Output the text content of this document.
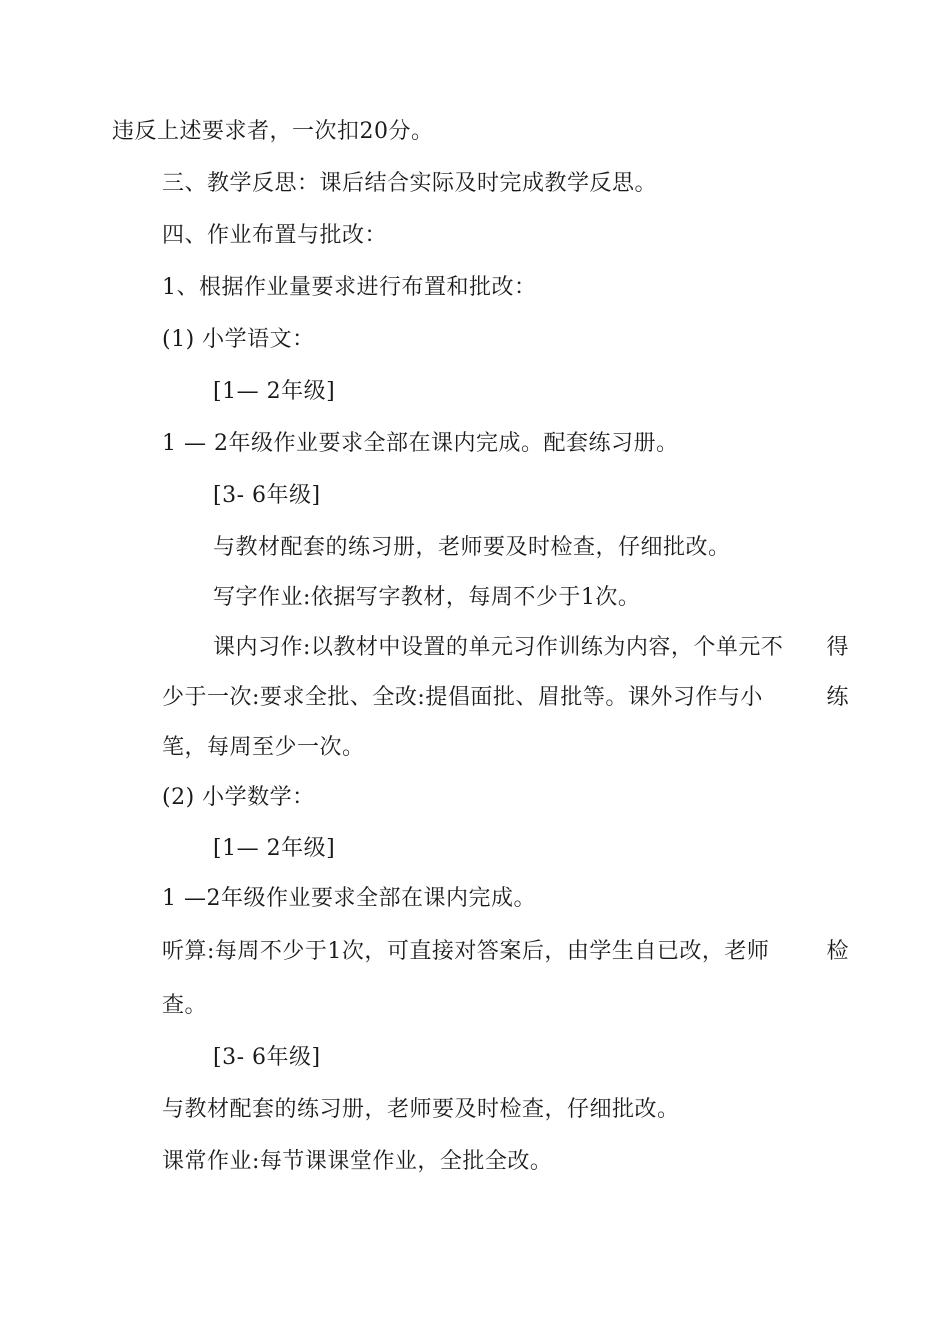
违反上述要求者，一次扣20分。
三、教学反思：课后结合实际及时完成教学反思。
四、作业布置与批改：
1、根据作业量要求进行布置和批改：
(1) 小学语文：
[1— 2年级]
1 — 2年级作业要求全部在课内完成。配套练习册。
[3- 6年级]
与教材配套的练习册，老师要及时检查，仔细批改。
写字作业:依据写字教材，每周不少于1次。
课内习作:以教材中设置的单元习作训练为内容，个单元不 得
少于一次:要求全批、全改:提倡面批、眉批等。课外习作与小	练
笔，每周至少一次。
(2) 小学数学：
[1— 2年级]
1 —2年级作业要求全部在课内完成。
听算:每周不少于1次，可直接对答案后，由学生自已改，老师	检
查。
[3- 6年级]
与教材配套的练习册，老师要及时检查，仔细批改。
课常作业:每节课课堂作业，全批全改。
